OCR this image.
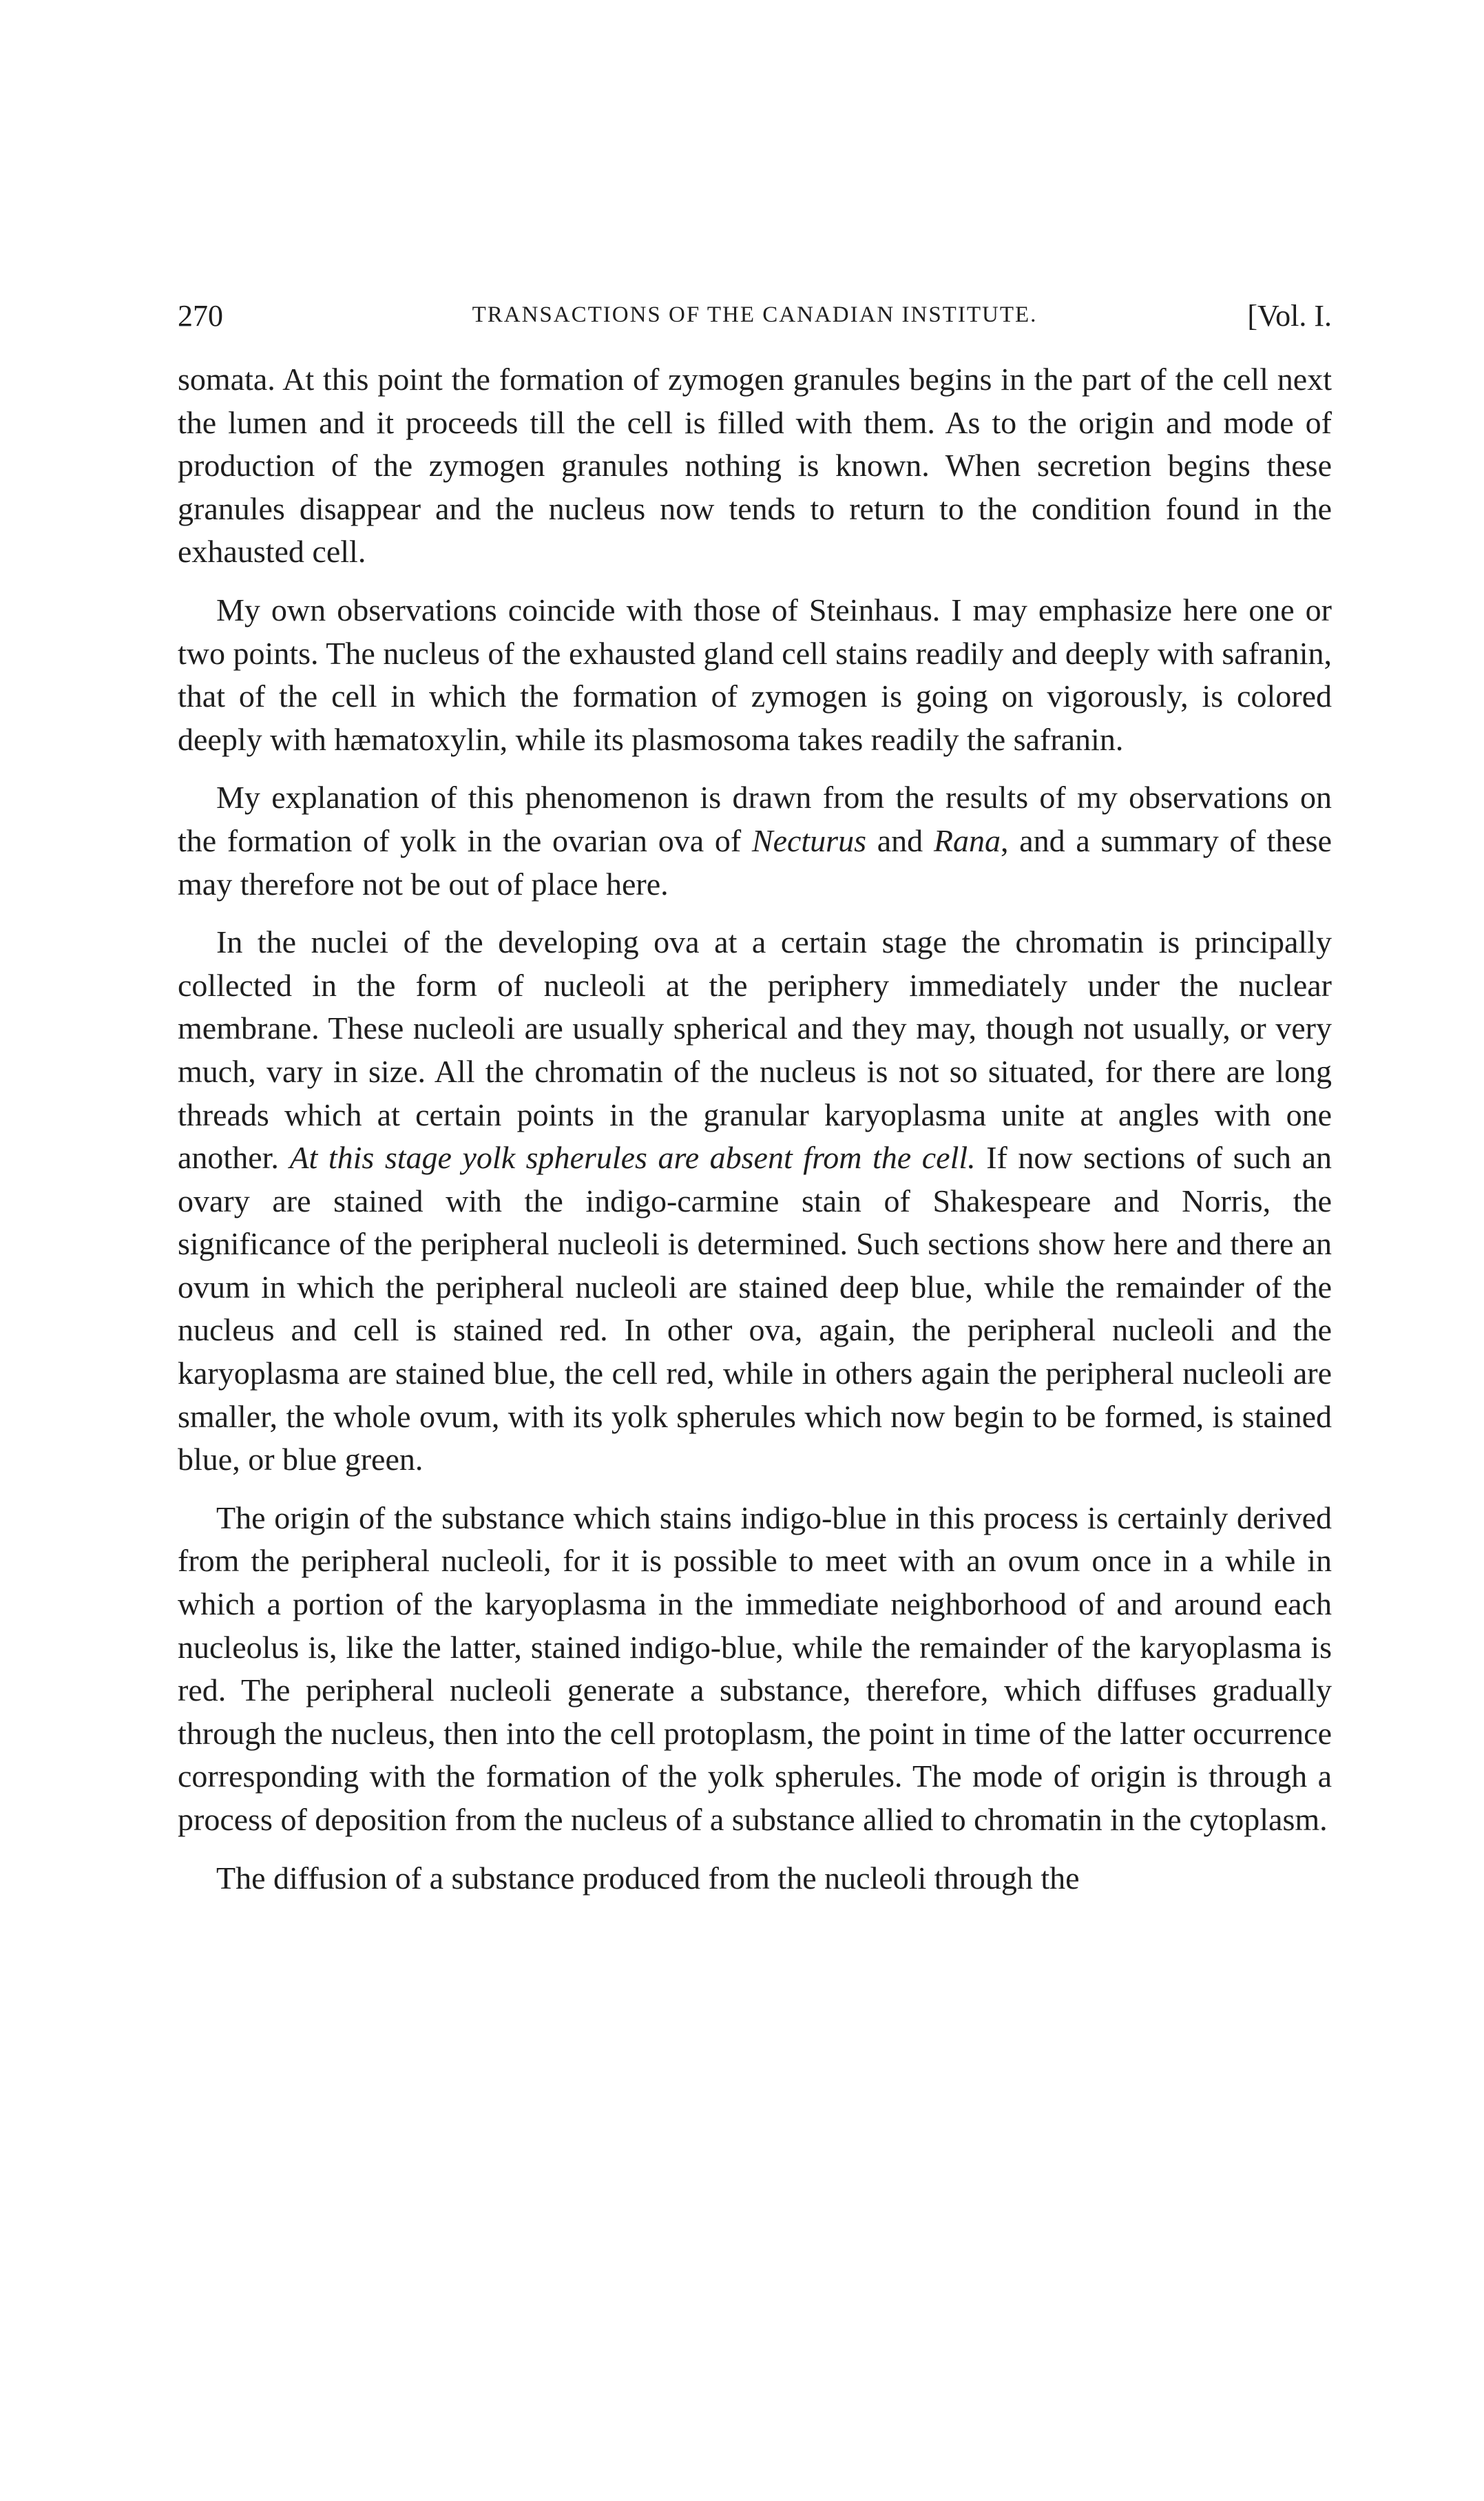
270	TRANSACTIONS OF THE CANADIAN INSTITUTE.	[Vol. I.

somata. At this point the formation of zymogen granules begins in the part of the cell next the lumen and it proceeds till the cell is filled with them. As to the origin and mode of production of the zymogen granules nothing is known. When secretion begins these granules disappear and the nucleus now tends to return to the condition found in the exhausted cell.

My own observations coincide with those of Steinhaus. I may emphasize here one or two points. The nucleus of the exhausted gland cell stains readily and deeply with safranin, that of the cell in which the formation of zymogen is going on vigorously, is colored deeply with hæmatoxylin, while its plasmosoma takes readily the safranin.

My explanation of this phenomenon is drawn from the results of my observations on the formation of yolk in the ovarian ova of Necturus and Rana, and a summary of these may therefore not be out of place here.

In the nuclei of the developing ova at a certain stage the chromatin is principally collected in the form of nucleoli at the periphery immediately under the nuclear membrane. These nucleoli are usually spherical and they may, though not usually, or very much, vary in size. All the chromatin of the nucleus is not so situated, for there are long threads which at certain points in the granular karyoplasma unite at angles with one another. At this stage yolk spherules are absent from the cell. If now sections of such an ovary are stained with the indigo-carmine stain of Shakespeare and Norris, the significance of the peripheral nucleoli is determined. Such sections show here and there an ovum in which the peripheral nucleoli are stained deep blue, while the remainder of the nucleus and cell is stained red. In other ova, again, the peripheral nucleoli and the karyoplasma are stained blue, the cell red, while in others again the peripheral nucleoli are smaller, the whole ovum, with its yolk spherules which now begin to be formed, is stained blue, or blue green.

The origin of the substance which stains indigo-blue in this process is certainly derived from the peripheral nucleoli, for it is possible to meet with an ovum once in a while in which a portion of the karyoplasma in the immediate neighborhood of and around each nucleolus is, like the latter, stained indigo-blue, while the remainder of the karyoplasma is red. The peripheral nucleoli generate a substance, therefore, which diffuses gradually through the nucleus, then into the cell protoplasm, the point in time of the latter occurrence corresponding with the formation of the yolk spherules. The mode of origin is through a process of deposition from the nucleus of a substance allied to chromatin in the cytoplasm.

The diffusion of a substance produced from the nucleoli through the
